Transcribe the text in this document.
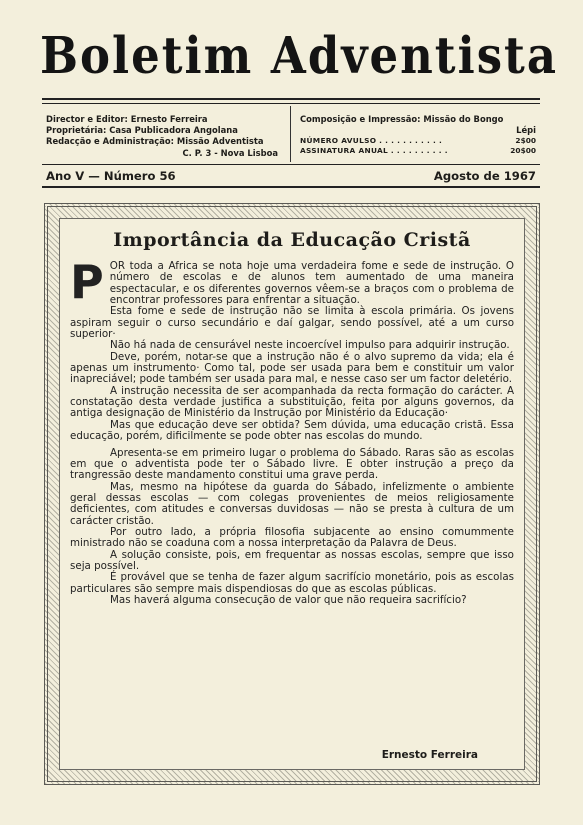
Boletim Adventista
Director e Editor: Ernesto Ferreira
Proprietária: Casa Publicadora Angolana
Redacção e Administração: Missão Adventista
C. P. 3 - Nova Lisboa
Composição e Impressão: Missão do Bongo
Lépi
NÚMERO AVULSO . . . . . . . . . . .	2$00
ASSINATURA ANUAL . . . . . . . . . .	20$00
Ano V — Número 56	Agosto de 1967
Importância da Educação Cristã

POR toda a Africa se nota hoje uma verdadeira fome e sede de instrução. O número de escolas e de alunos tem aumentado de uma maneira espectacular, e os diferentes governos vêem-se a braços com o problema de encontrar professores para enfrentar a situação.

Esta fome e sede de instrução não se limita à escola primária. Os jovens aspiram seguir o curso secundário e daí galgar, sendo possível, até a um curso superior·

Não há nada de censurável neste incoercível impulso para adquirir instrução.

Deve, porém, notar-se que a instrução não é o alvo supremo da vida; ela é apenas um instrumento· Como tal, pode ser usada para bem e constituir um valor inapreciável; pode também ser usada para mal, e nesse caso ser um factor deletério.

A instrução necessita de ser acompanhada da recta formação do carácter. A constatação desta verdade justifica a substituição, feita por alguns governos, da antiga designação de Ministério da Instrução por Ministério da Educação·

Mas que educação deve ser obtida? Sem dúvida, uma educação cristã. Essa educação, porém, dificilmente se pode obter nas escolas do mundo.

Apresenta-se em primeiro lugar o problema do Sábado. Raras são as escolas em que o adventista pode ter o Sábado livre. E obter instrução a preço da trangressão deste mandamento constitui uma grave perda.

Mas, mesmo na hipótese da guarda do Sábado, infelizmente o ambiente geral dessas escolas — com colegas provenientes de meios religiosamente deficientes, com atitudes e conversas duvidosas — não se presta à cultura de um carácter cristão.

Por outro lado, a própria filosofia subjacente ao ensino comummente ministrado não se coaduna com a nossa interpretação da Palavra de Deus.

A solução consiste, pois, em frequentar as nossas escolas, sempre que isso seja possível.

É provável que se tenha de fazer algum sacrifício monetário, pois as escolas particulares são sempre mais dispendiosas do que as escolas públicas.

Mas haverá alguma consecução de valor que não requeira sacrifício?

Ernesto Ferreira
